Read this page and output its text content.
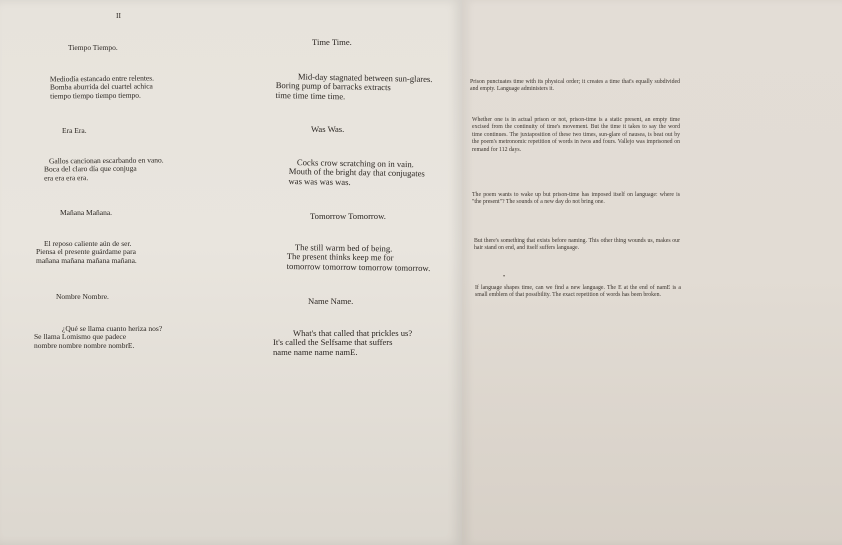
II
Tiempo Tiempo.
Mediodía estancado entre relentes.
Bomba aburrida del cuartel achica
tiempo tiempo tiempo tiempo.
Era Era.
Gallos cancionan escarbando en vano.
Boca del claro día que conjuga
era era era era.
Mañana Mañana.
El reposo caliente aún de ser.
Piensa el presente guárdame para
mañana mañana mañana mañana.
Nombre Nombre.
¿Qué se llama cuanto heriza nos?
Se llama Lomismo que padece
nombre nombre nombre nombrE.
Time Time.
Mid-day stagnated between sun-glares.
Boring pump of barracks extracts
time time time time.
Was Was.
Cocks crow scratching on in vain.
Mouth of the bright day that conjugates
was was was was.
Tomorrow Tomorrow.
The still warm bed of being.
The present thinks keep me for
tomorrow tomorrow tomorrow tomorrow.
Name Name.
What's that called that prickles us?
It's called the Selfsame that suffers
name name name namE.
Prison punctuates time with its physical order; it creates a time that's equally subdivided and empty. Language administers it.
Whether one is in actual prison or not, prison-time is a static present, an empty time excised from the continuity of time's movement. But the time it takes to say the word time continues. The juxtaposition of these two times, sun-glare of nausea, is beat out by the poem's metronomic repetition of words in twos and fours. Vallejo was imprisoned on remand for 112 days.
The poem wants to wake up but prison-time has imposed itself on language: where is "the present"? The sounds of a new day do not bring one.
But there's something that exists before naming. This other thing wounds us, makes our hair stand on end, and itself suffers language.
•
If language shapes time, can we find a new language. The E at the end of namE is a small emblem of that possibility. The exact repetition of words has been broken.
